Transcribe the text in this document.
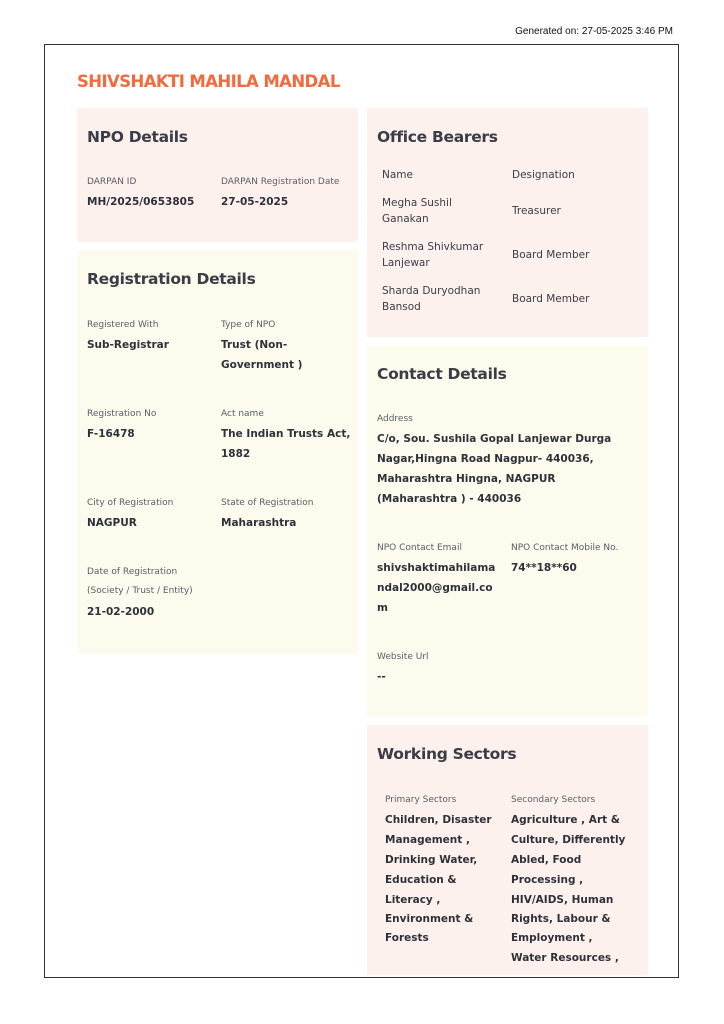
Generated on: 27-05-2025 3:46 PM
SHIVSHAKTI MAHILA MANDAL
NPO Details
DARPAN ID
MH/2025/0653805
DARPAN Registration Date
27-05-2025
Registration Details
Registered With
Sub-Registrar
Type of NPO
Trust (Non-
Government )
Registration No
F-16478
Act name
The Indian Trusts Act,
1882
City of Registration
NAGPUR
State of Registration
Maharashtra
Date of Registration
(Society / Trust / Entity)
21-02-2000
Office Bearers
Name	Designation
Megha Sushil
Ganakan
Treasurer
Reshma Shivkumar
Lanjewar
Board Member
Sharda Duryodhan
Bansod
Board Member
Contact Details
Address
C/o, Sou. Sushila Gopal Lanjewar Durga
Nagar,Hingna Road Nagpur- 440036,
Maharashtra Hingna, NAGPUR
(Maharashtra ) - 440036
NPO Contact Email
shivshaktimahilama
ndal2000@gmail.co
m
NPO Contact Mobile No.
74**18**60
Website Url
--
Working Sectors
Primary Sectors
Children, Disaster
Management ,
Drinking Water,
Education &
Literacy ,
Environment &
Forests
Secondary Sectors
Agriculture , Art &
Culture, Differently
Abled, Food
Processing ,
HIV/AIDS, Human
Rights, Labour &
Employment ,
Water Resources ,
